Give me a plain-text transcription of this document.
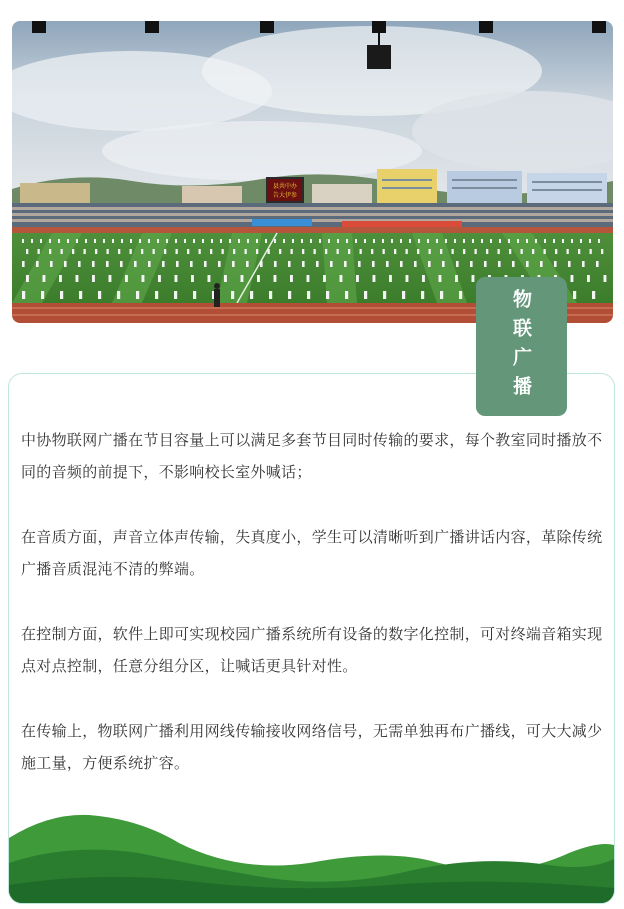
县共中办
告大伊参
物联广播

中协物联网广播在节目容量上可以满足多套节目同时传输的要求，每个教室同时播放不同的音频的前提下，不影响校长室外喊话；

在音质方面，声音立体声传输，失真度小，学生可以清晰听到广播讲话内容，革除传统广播音质混沌不清的弊端。

在控制方面，软件上即可实现校园广播系统所有设备的数字化控制，可对终端音箱实现点对点控制，任意分组分区，让喊话更具针对性。

在传输上，物联网广播利用网线传输接收网络信号，无需单独再布广播线，可大大减少施工量，方便系统扩容。
